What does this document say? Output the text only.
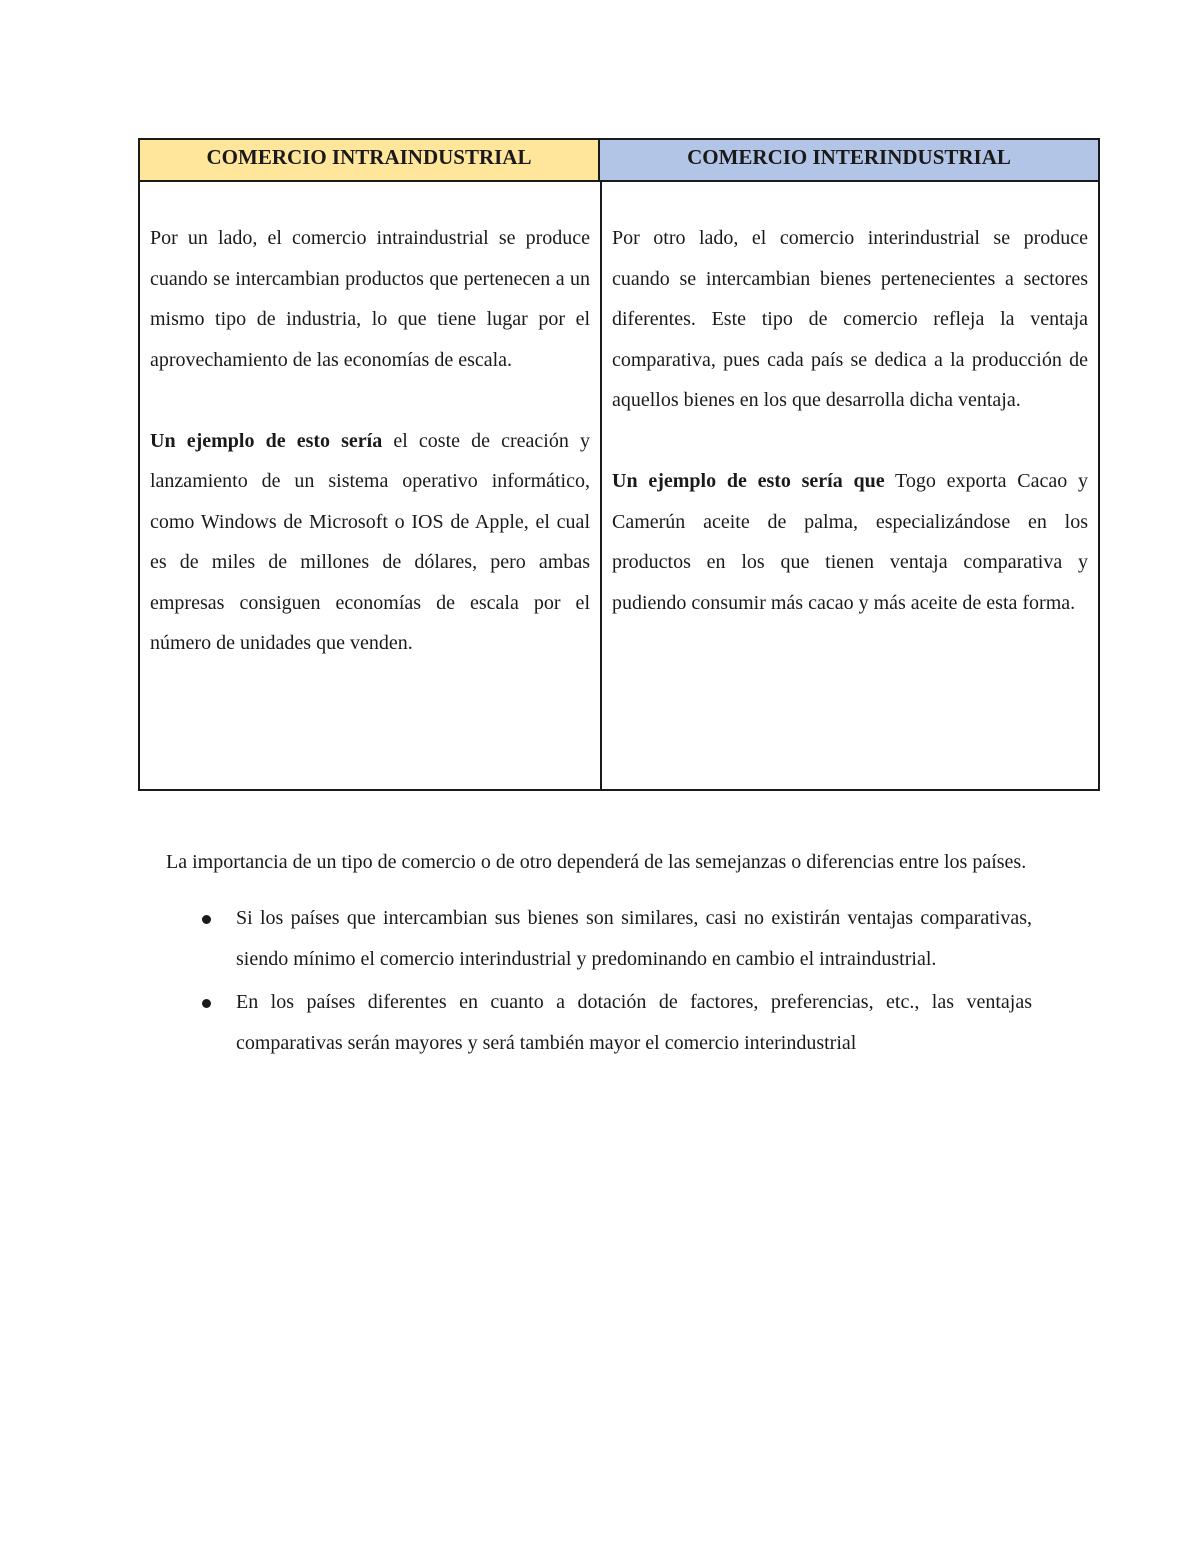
COMERCIO INTRAINDUSTRIAL	COMERCIO INTERINDUSTRIAL

Por un lado, el comercio intraindustrial se produce cuando se intercambian productos que pertenecen a un mismo tipo de industria, lo que tiene lugar por el aprovechamiento de las economías de escala.

Un ejemplo de esto sería el coste de creación y lanzamiento de un sistema operativo informático, como Windows de Microsoft o IOS de Apple, el cual es de miles de millones de dólares, pero ambas empresas consiguen economías de escala por el número de unidades que venden.

Por otro lado, el comercio interindustrial se produce cuando se intercambian bienes pertenecientes a sectores diferentes. Este tipo de comercio refleja la ventaja comparativa, pues cada país se dedica a la producción de aquellos bienes en los que desarrolla dicha ventaja.

Un ejemplo de esto sería que Togo exporta Cacao y Camerún aceite de palma, especializándose en los productos en los que tienen ventaja comparativa y pudiendo consumir más cacao y más aceite de esta forma.

La importancia de un tipo de comercio o de otro dependerá de las semejanzas o diferencias entre los países.

Si los países que intercambian sus bienes son similares, casi no existirán ventajas comparativas, siendo mínimo el comercio interindustrial y predominando en cambio el intraindustrial.
En los países diferentes en cuanto a dotación de factores, preferencias, etc., las ventajas comparativas serán mayores y será también mayor el comercio interindustrial
